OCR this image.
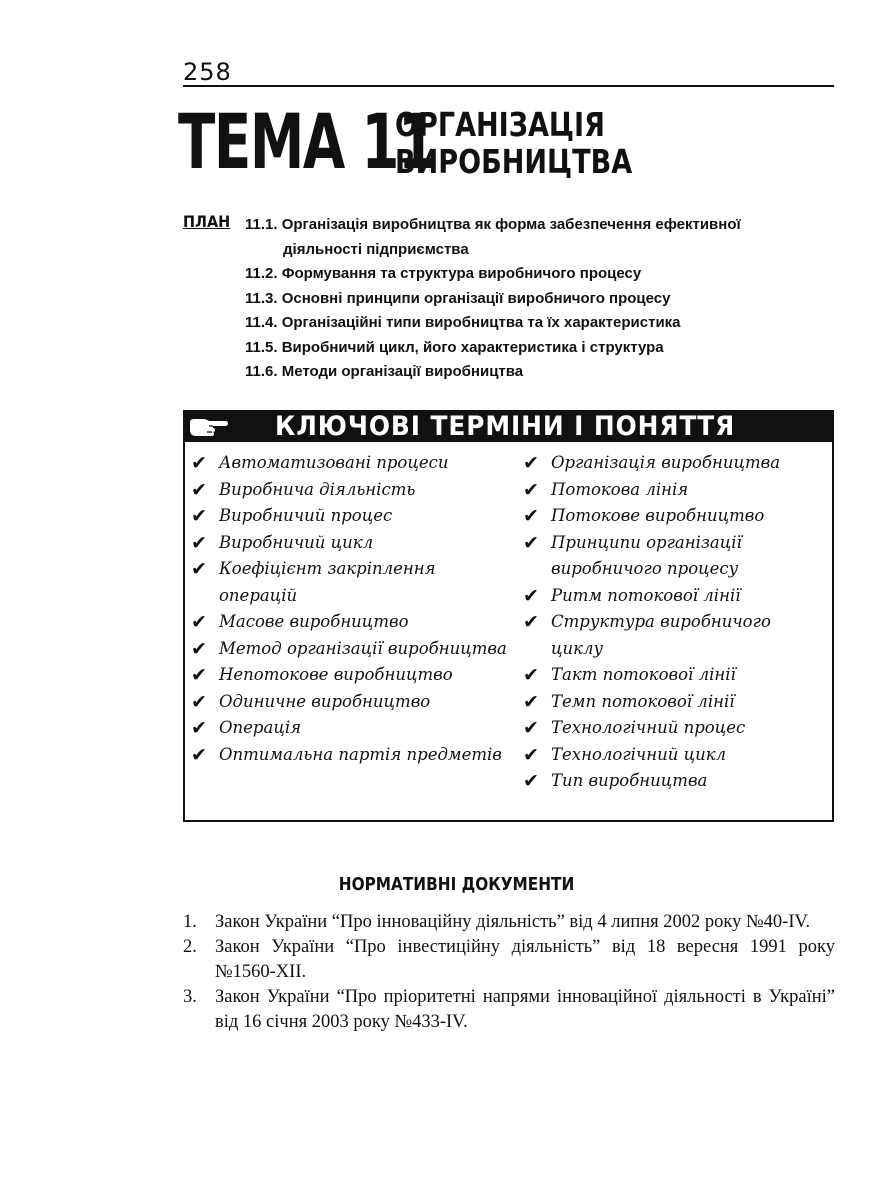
258
ТЕМА 11
ОРГАНІЗАЦІЯ
ВИРОБНИЦТВА
ПЛАН 11.1. Організація виробництва як форма забезпечення ефективної
діяльності підприємства
11.2. Формування та структура виробничого процесу
11.3. Основні принципи організації виробничого процесу
11.4. Організаційні типи виробництва та їх характеристика
11.5. Виробничий цикл, його характеристика і структура
11.6. Методи організації виробництва
КЛЮЧОВІ ТЕРМІНИ І ПОНЯТТЯ
✔ Автоматизовані процеси
✔ Виробнича діяльність
✔ Виробничий процес
✔ Виробничий цикл
✔ Коефіцієнт закріплення операцій
✔ Масове виробництво
✔ Метод організації виробництва
✔ Непотокове виробництво
✔ Одиничне виробництво
✔ Операція
✔ Оптимальна партія предметів
✔ Організація виробництва
✔ Потокова лінія
✔ Потокове виробництво
✔ Принципи організації виробничого процесу
✔ Ритм потокової лінії
✔ Структура виробничого циклу
✔ Такт потокової лінії
✔ Темп потокової лінії
✔ Технологічний процес
✔ Технологічний цикл
✔ Тип виробництва
НОРМАТИВНІ ДОКУМЕНТИ
1. Закон України “Про інноваційну діяльність” від 4 липня 2002 року №40-IV.
2. Закон України “Про інвестиційну діяльність” від 18 вересня 1991 року №1560-XII.
3. Закон України “Про пріоритетні напрями інноваційної діяльності в Україні” від 16 січня 2003 року №433-IV.
